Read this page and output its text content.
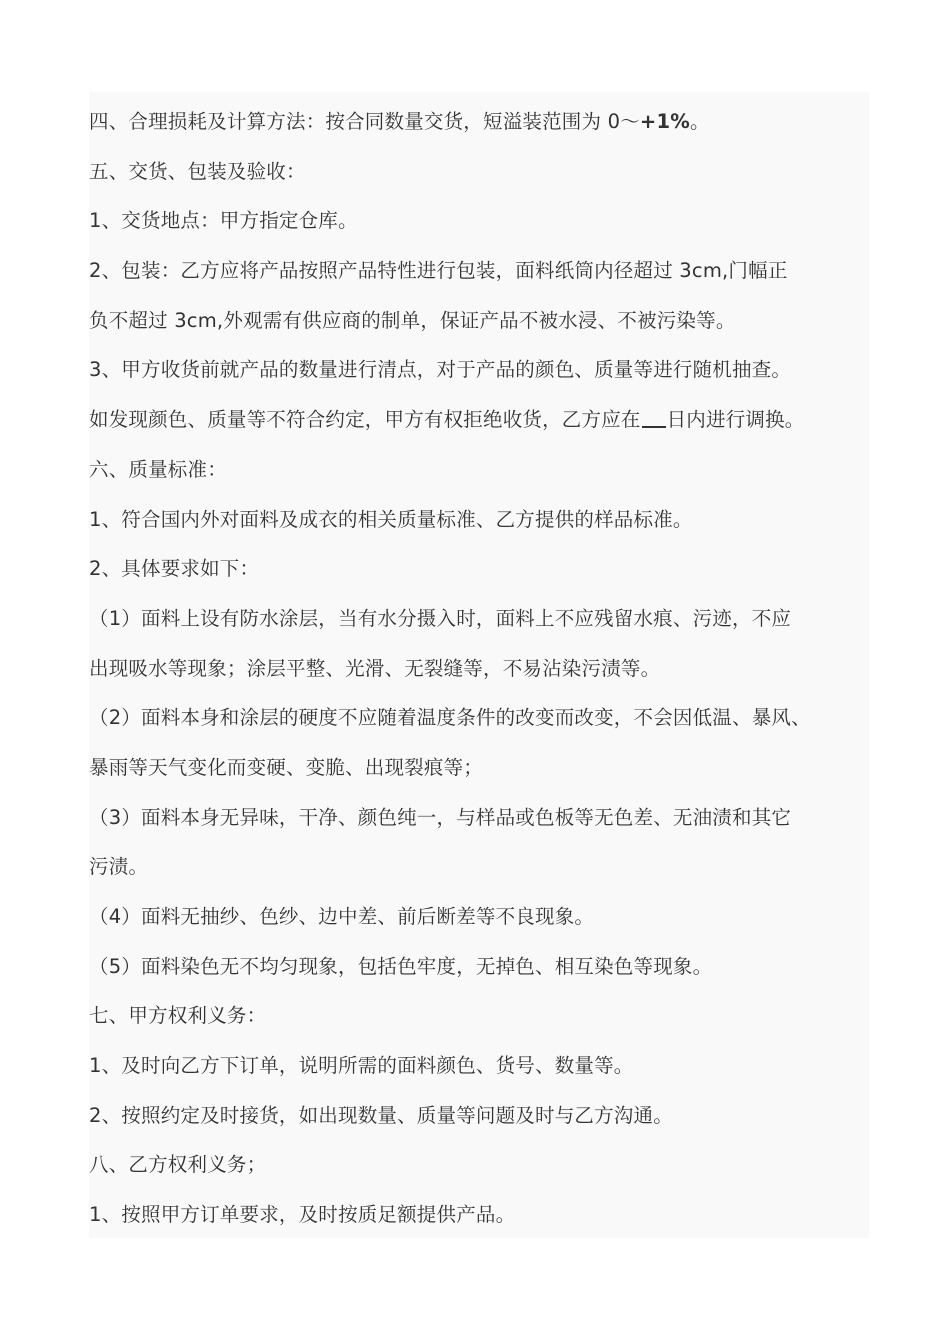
四、合理损耗及计算方法：按合同数量交货，短溢装范围为 0～+1%。
五、交货、包装及验收：
1、交货地点：甲方指定仓库。
2、包装：乙方应将产品按照产品特性进行包装，面料纸筒内径超过 3cm,门幅正
负不超过 3cm,外观需有供应商的制单，保证产品不被水浸、不被污染等。
3、甲方收货前就产品的数量进行清点，对于产品的颜色、质量等进行随机抽查。
如发现颜色、质量等不符合约定，甲方有权拒绝收货，乙方应在 日内进行调换。
六、质量标准：
1、符合国内外对面料及成衣的相关质量标准、乙方提供的样品标准。
2、具体要求如下：
（1）面料上设有防水涂层，当有水分摄入时，面料上不应残留水痕、污迹，不应
出现吸水等现象；涂层平整、光滑、无裂缝等，不易沾染污渍等。
（2）面料本身和涂层的硬度不应随着温度条件的改变而改变，不会因低温、暴风、
暴雨等天气变化而变硬、变脆、出现裂痕等；
（3）面料本身无异味，干净、颜色纯一，与样品或色板等无色差、无油渍和其它
污渍。
（4）面料无抽纱、色纱、边中差、前后断差等不良现象。
（5）面料染色无不均匀现象，包括色牢度，无掉色、相互染色等现象。
七、甲方权利义务：
1、及时向乙方下订单，说明所需的面料颜色、货号、数量等。
2、按照约定及时接货，如出现数量、质量等问题及时与乙方沟通。
八、乙方权利义务；
1、按照甲方订单要求，及时按质足额提供产品。
